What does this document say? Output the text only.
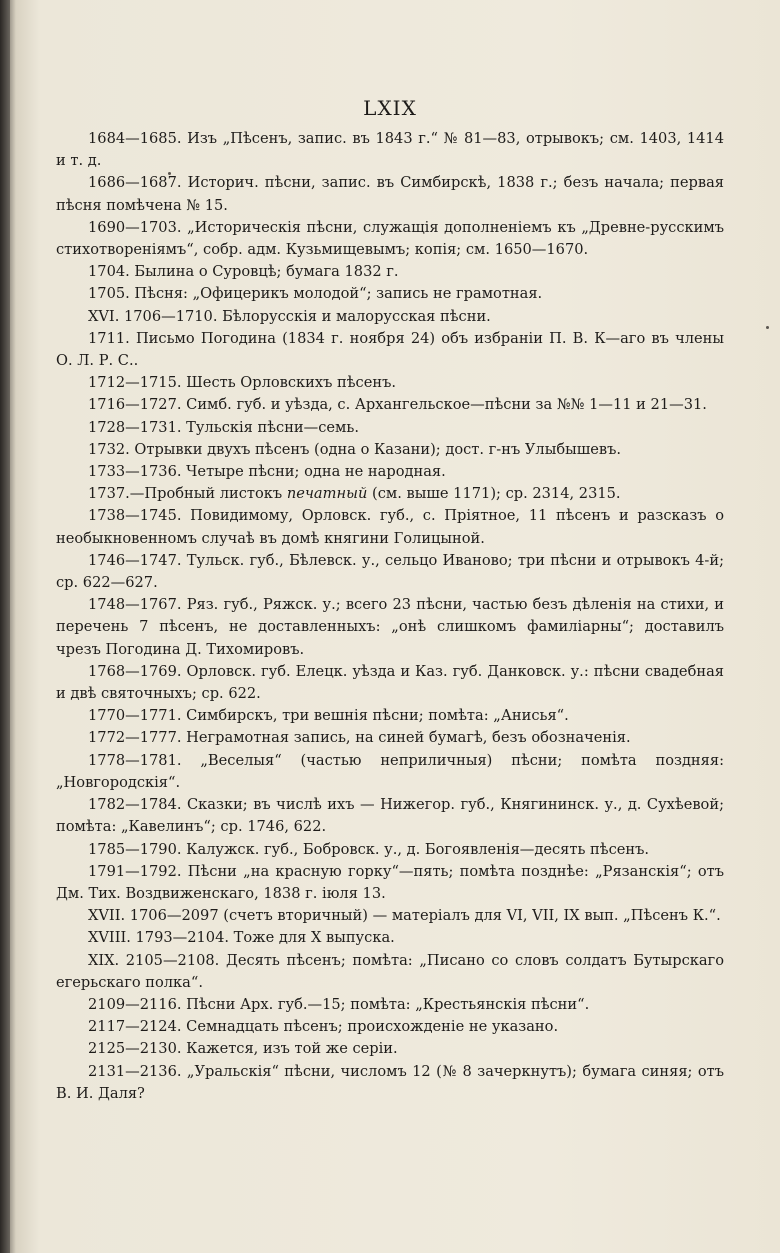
LXIX

1684—1685. Изъ „Пѣсенъ, запис. въ 1843 г.“ № 81—83, отрывокъ; см. 1403, 1414 и т. д.

1686—1687. Историч. пѣсни, запис. въ Симбирскѣ, 1838 г.; безъ начала; первая пѣсня помѣчена № 15.

1690—1703. „Историческія пѣсни, служащія дополненіемъ къ „Древне-русскимъ стихотвореніямъ“, собр. адм. Кузьмищевымъ; копія; см. 1650—1670.

1704. Былина о Суровцѣ; бумага 1832 г.

1705. Пѣсня: „Офицерикъ молодой“; запись не грамотная.

XVI. 1706—1710. Бѣлорусскія и малорусская пѣсни.

1711. Письмо Погодина (1834 г. ноября 24) объ избраніи П. В. К—аго въ члены О. Л. Р. С..

1712—1715. Шесть Орловскихъ пѣсенъ.

1716—1727. Симб. губ. и уѣзда, с. Архангельское—пѣсни за №№ 1—11 и 21—31.

1728—1731. Тульскія пѣсни—семь.

1732. Отрывки двухъ пѣсенъ (одна о Казани); дост. г-нъ Улыбышевъ.

1733—1736. Четыре пѣсни; одна не народная.

1737.—Пробный листокъ печатный (см. выше 1171); ср. 2314, 2315.

1738—1745. Повидимому, Орловск. губ., с. Пріятное, 11 пѣсенъ и разсказъ о необыкновенномъ случаѣ въ домѣ княгини Голицыной.

1746—1747. Тульск. губ., Бѣлевск. у., сельцо Иваново; три пѣсни и отрывокъ 4-й; ср. 622—627.

1748—1767. Ряз. губ., Ряжск. у.; всего 23 пѣсни, частью безъ дѣленія на стихи, и перечень 7 пѣсенъ, не доставленныхъ: „онѣ слишкомъ фамиліарны“; доставилъ чрезъ Погодина Д. Тихомировъ.

1768—1769. Орловск. губ. Елецк. уѣзда и Каз. губ. Данковск. у.: пѣсни свадебная и двѣ святочныхъ; ср. 622.

1770—1771. Симбирскъ, три вешнія пѣсни; помѣта: „Анисья“.

1772—1777. Неграмотная запись, на синей бумагѣ, безъ обозначенія.

1778—1781. „Веселыя“ (частью неприличныя) пѣсни; помѣта поздняя: „Новгородскія“.

1782—1784. Сказки; въ числѣ ихъ — Нижегор. губ., Княгининск. у., д. Сухѣевой; помѣта: „Кавелинъ“; ср. 1746, 622.

1785—1790. Калужск. губ., Бобровск. у., д. Богоявленія—десять пѣсенъ.

1791—1792. Пѣсни „на красную горку“—пять; помѣта позднѣе: „Рязанскія“; отъ Дм. Тих. Воздвиженскаго, 1838 г. іюля 13.

XVII. 1706—2097 (счетъ вторичный) — матеріалъ для VI, VII, IX вып. „Пѣсенъ К.“.

XVIII. 1793—2104. Тоже для X выпуска.

XIX. 2105—2108. Десять пѣсенъ; помѣта: „Писано со словъ солдатъ Бутырскаго егерьскаго полка“.

2109—2116. Пѣсни Арх. губ.—15; помѣта: „Крестьянскія пѣсни“.

2117—2124. Семнадцать пѣсенъ; происхожденіе не указано.

2125—2130. Кажется, изъ той же серіи.

2131—2136. „Уральскія“ пѣсни, числомъ 12 (№ 8 зачеркнутъ); бумага синяя; отъ В. И. Даля?
